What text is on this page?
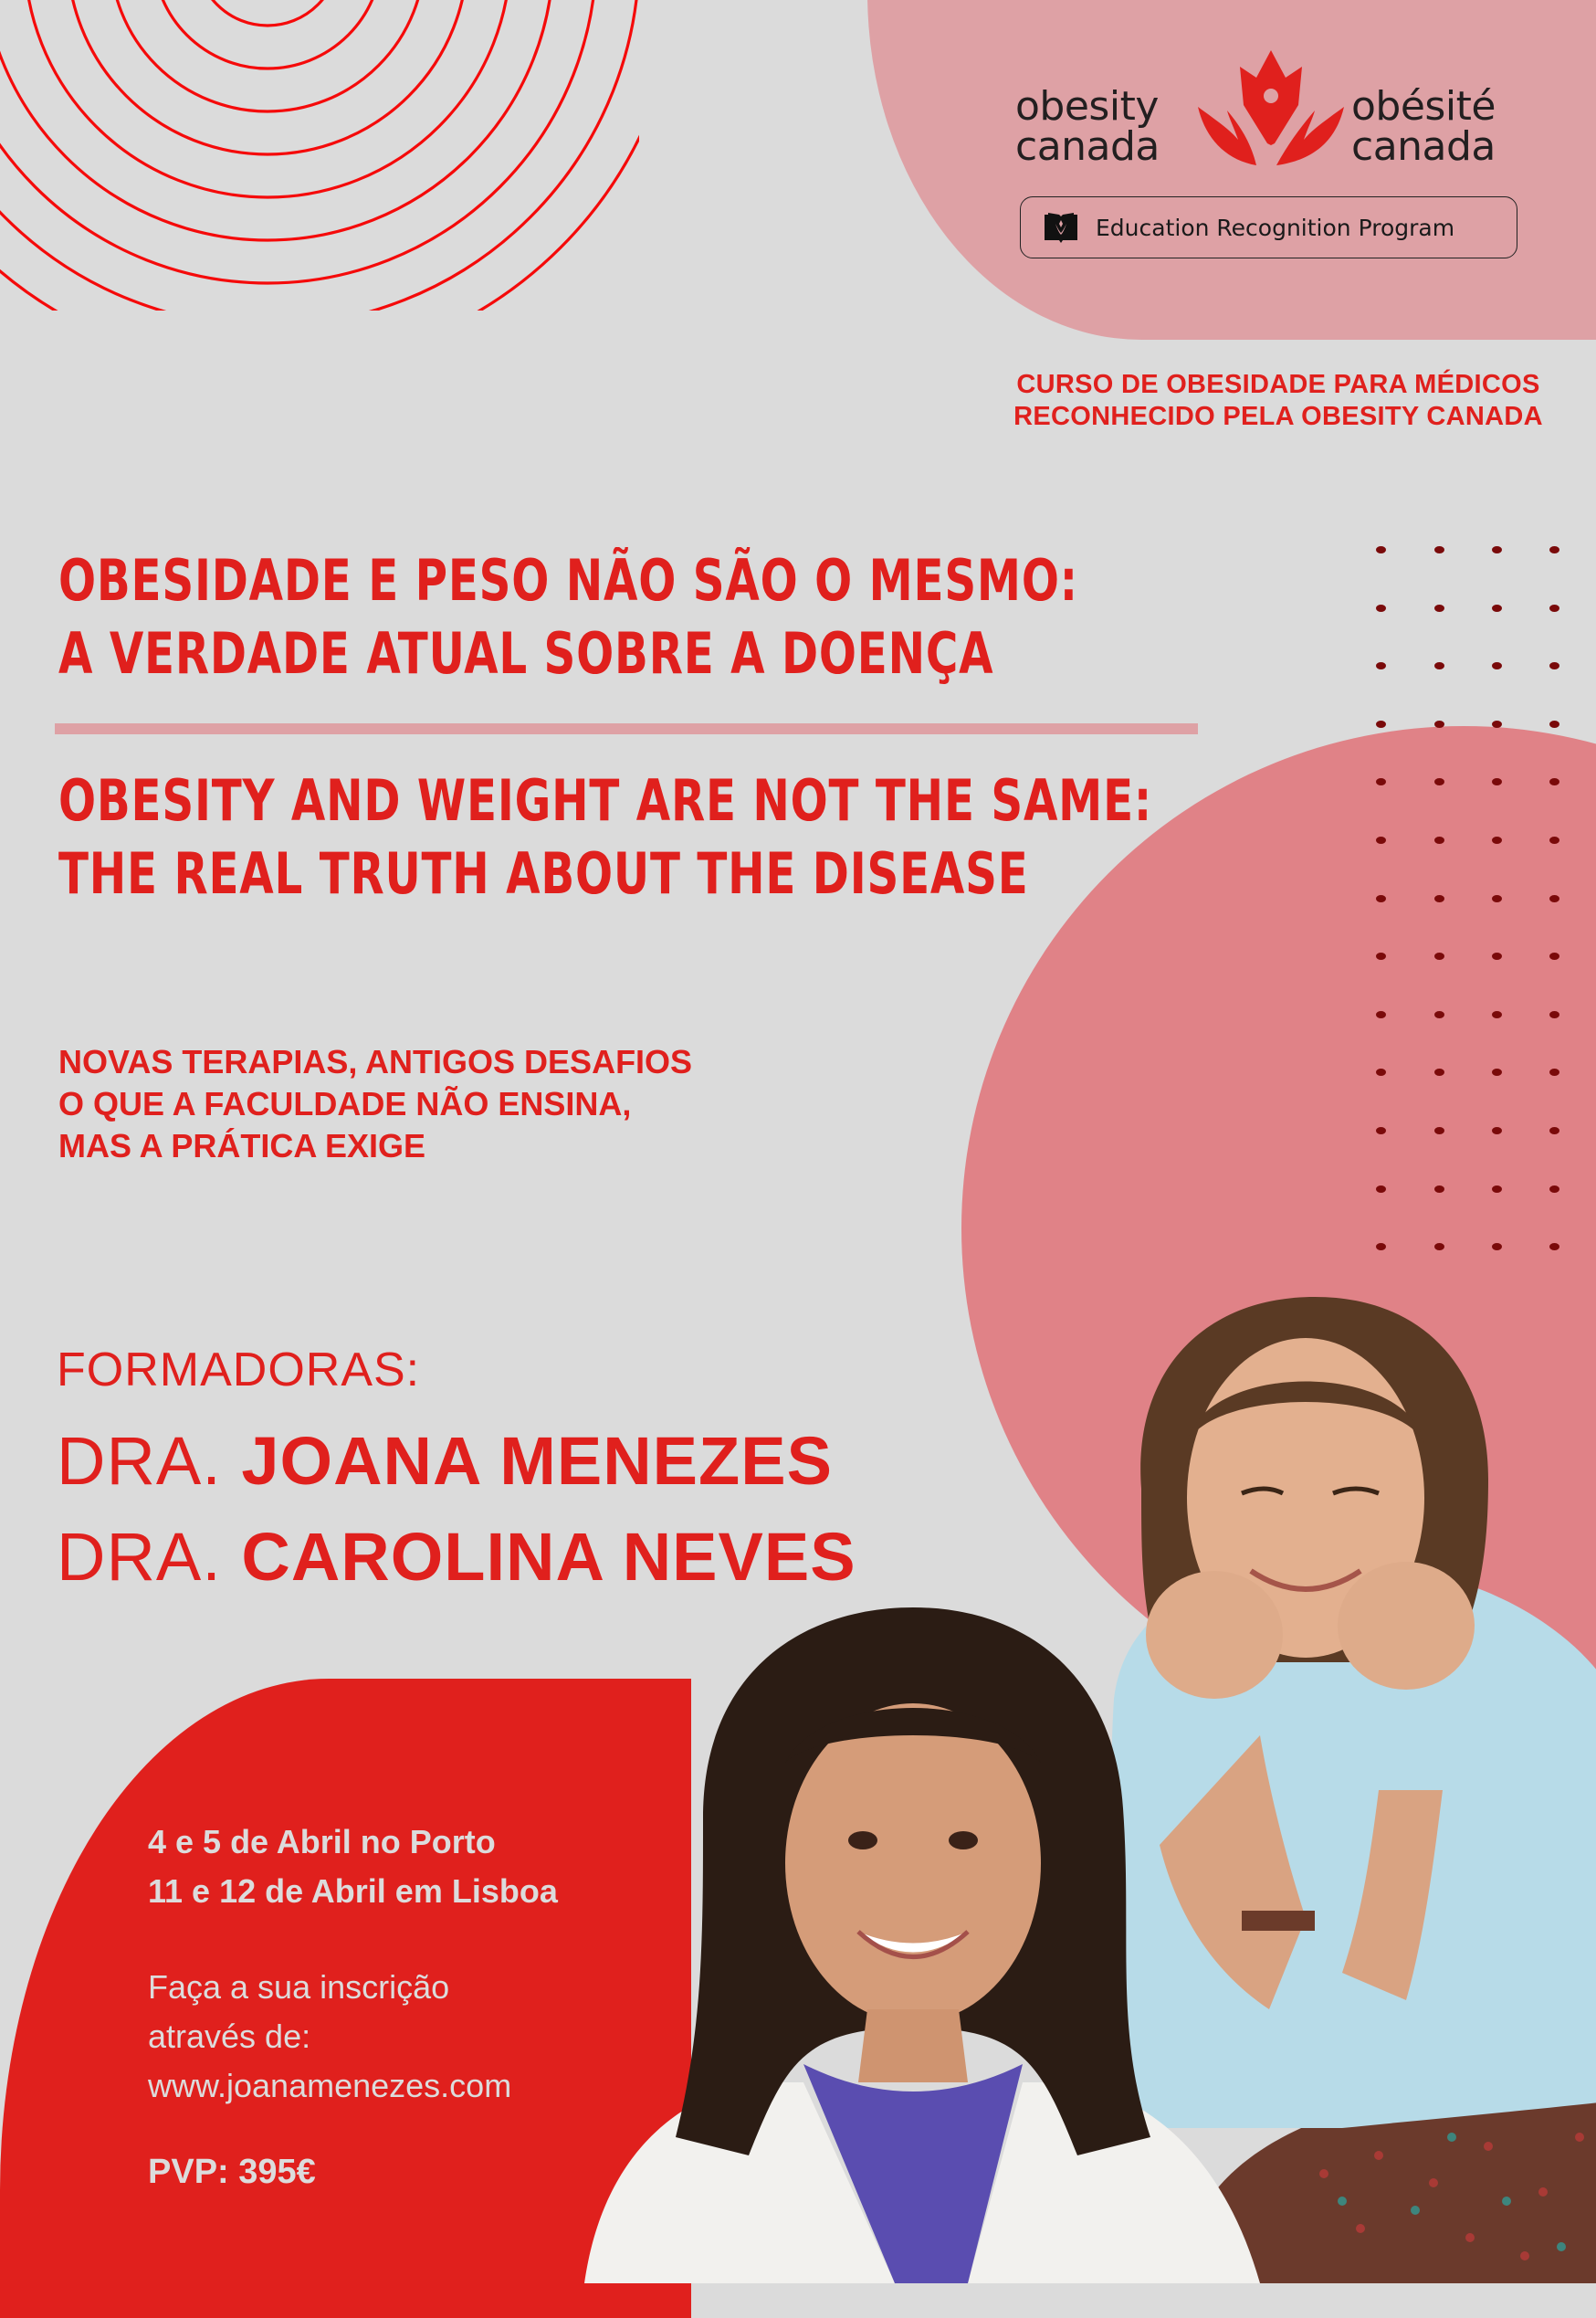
obesity
canada
obésité
canada
Education Recognition Program
CURSO DE OBESIDADE PARA MÉDICOS
RECONHECIDO PELA OBESITY CANADA
OBESIDADE E PESO NÃO SÃO O MESMO:
A VERDADE ATUAL SOBRE A DOENÇA
OBESITY AND WEIGHT ARE NOT THE SAME:
THE REAL TRUTH ABOUT THE DISEASE
NOVAS TERAPIAS, ANTIGOS DESAFIOS
O QUE A FACULDADE NÃO ENSINA,
MAS A PRÁTICA EXIGE
FORMADORAS:
DRA. JOANA MENEZES
DRA. CAROLINA NEVES
4 e 5 de Abril no Porto
11 e 12 de Abril em Lisboa
Faça a sua inscrição
através de:
www.joanamenezes.com
PVP: 395€
